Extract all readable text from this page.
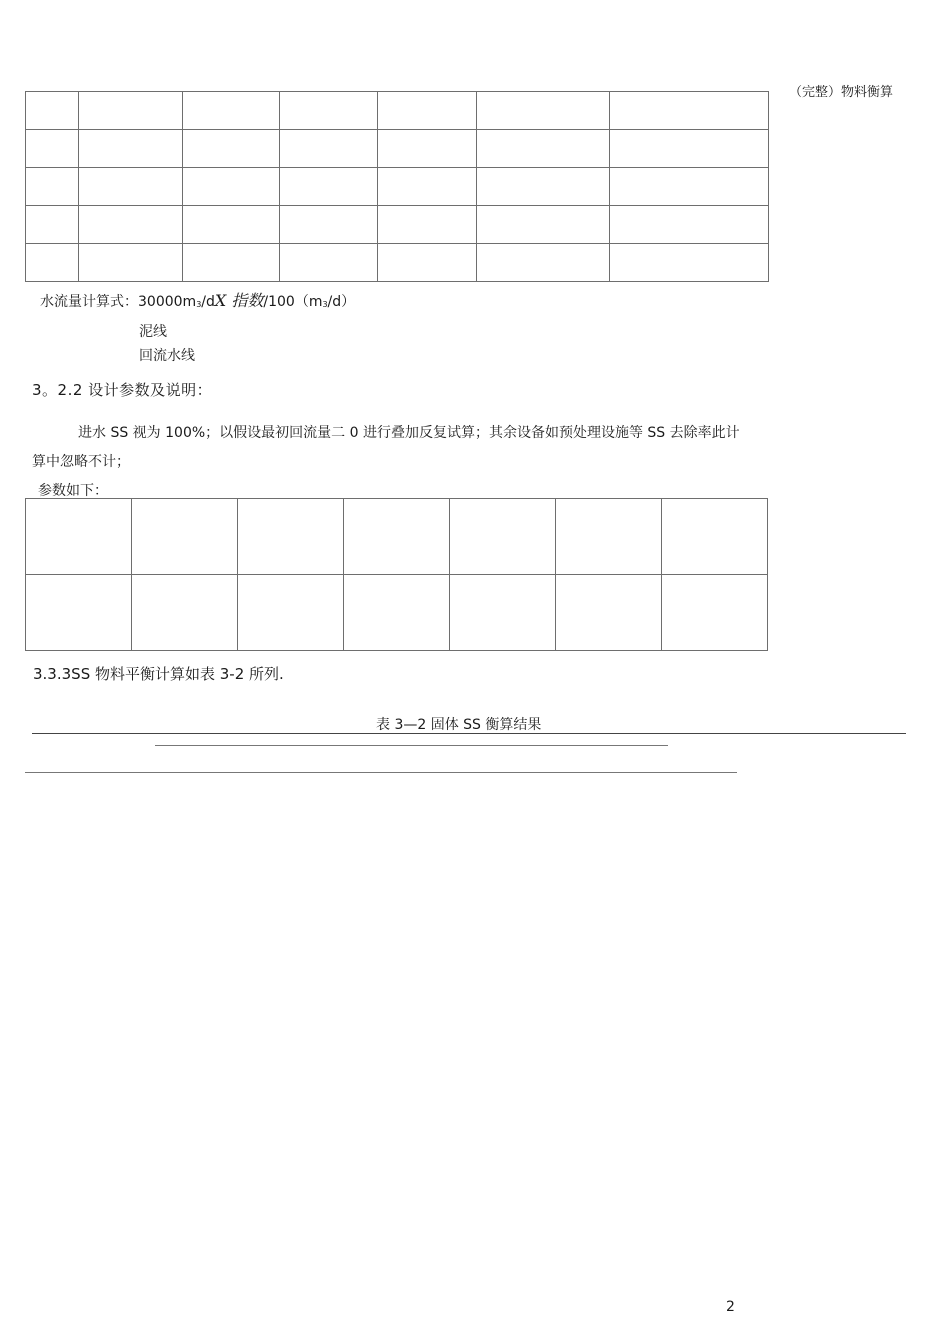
（完整）物料衡算

水流量计算式：$30000m_3/dX$ 指数$/100(m_3/d)$
泥线
回流水线
3。2.2 设计参数及说明：
进水 SS 视为 100%；以假设最初回流量二 0 进行叠加反复试算；其余设备如预处理设施等 SS 去除率此计
算中忽略不计；
参数如下：

3.3.3SS 物料平衡计算如表 3-2 所列.
表 3—2 固体 SS 衡算结果
2
